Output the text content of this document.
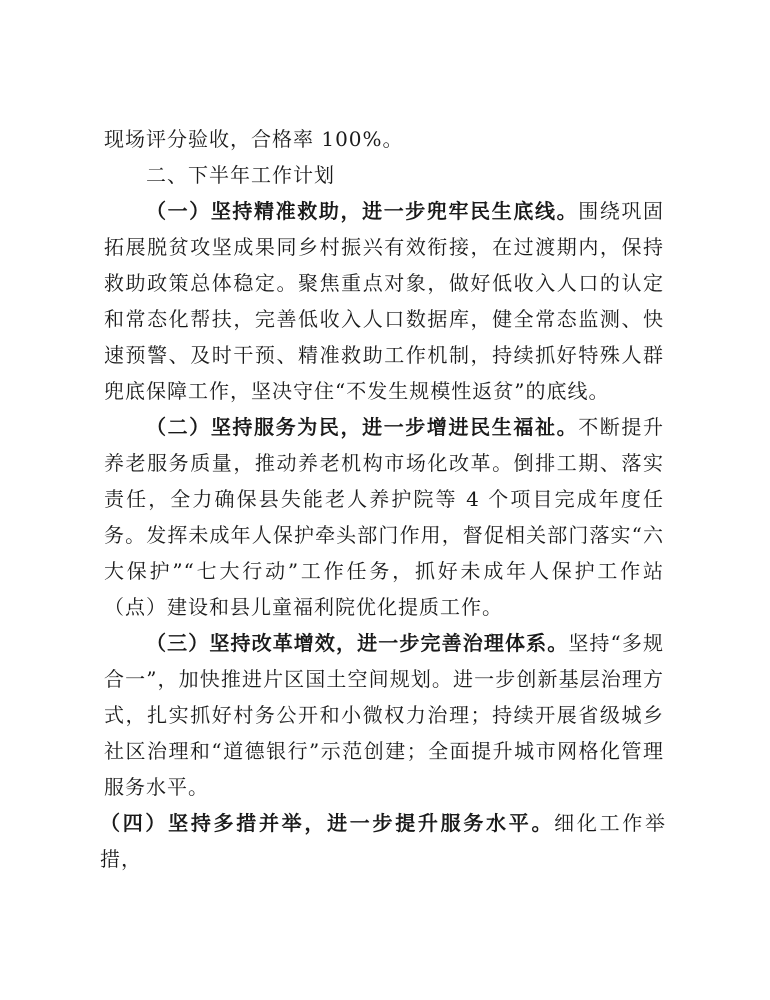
现场评分验收，合格率 100%。

二、下半年工作计划

（一）坚持精准救助，进一步兜牢民生底线。围绕巩固拓展脱贫攻坚成果同乡村振兴有效衔接，在过渡期内，保持救助政策总体稳定。聚焦重点对象，做好低收入人口的认定和常态化帮扶，完善低收入人口数据库，健全常态监测、快速预警、及时干预、精准救助工作机制，持续抓好特殊人群兜底保障工作，坚决守住“不发生规模性返贫”的底线。

（二）坚持服务为民，进一步增进民生福祉。不断提升养老服务质量，推动养老机构市场化改革。倒排工期、落实责任，全力确保县失能老人养护院等 4 个项目完成年度任务。发挥未成年人保护牵头部门作用，督促相关部门落实“六大保护”“七大行动”工作任务，抓好未成年人保护工作站（点）建设和县儿童福利院优化提质工作。

（三）坚持改革增效，进一步完善治理体系。坚持“多规合一”，加快推进片区国土空间规划。进一步创新基层治理方式，扎实抓好村务公开和小微权力治理；持续开展省级城乡社区治理和“道德银行”示范创建；全面提升城市网格化管理服务水平。

（四）坚持多措并举，进一步提升服务水平。细化工作举措，
